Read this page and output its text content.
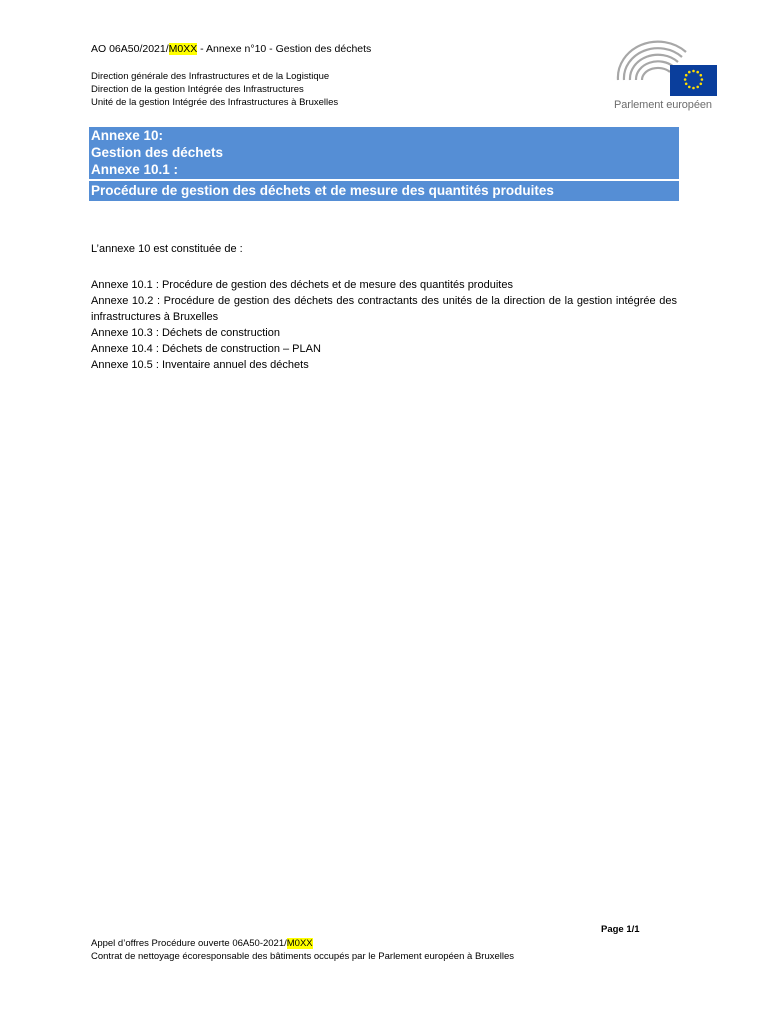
AO 06A50/2021/M0XX - Annexe n°10 - Gestion des déchets
Direction générale des Infrastructures et de la Logistique
Direction de la gestion Intégrée des Infrastructures
Unité de la gestion Intégrée des Infrastructures à Bruxelles	Parlement européen
Annexe 10:
Gestion des déchets
Annexe 10.1 :
Procédure de gestion des déchets et de mesure des quantités produites
L’annexe 10 est constituée de :
Annexe 10.1 : Procédure de gestion des déchets et de mesure des quantités produites
Annexe 10.2 : Procédure de gestion des déchets des contractants des unités de la direction de la gestion intégrée des infrastructures à Bruxelles
Annexe 10.3 : Déchets de construction
Annexe 10.4 : Déchets de construction – PLAN
Annexe 10.5 : Inventaire annuel des déchets
Page 1/1
Appel d’offres Procédure ouverte 06A50-2021/M0XX
Contrat de nettoyage écoresponsable des bâtiments occupés par le Parlement européen à Bruxelles
